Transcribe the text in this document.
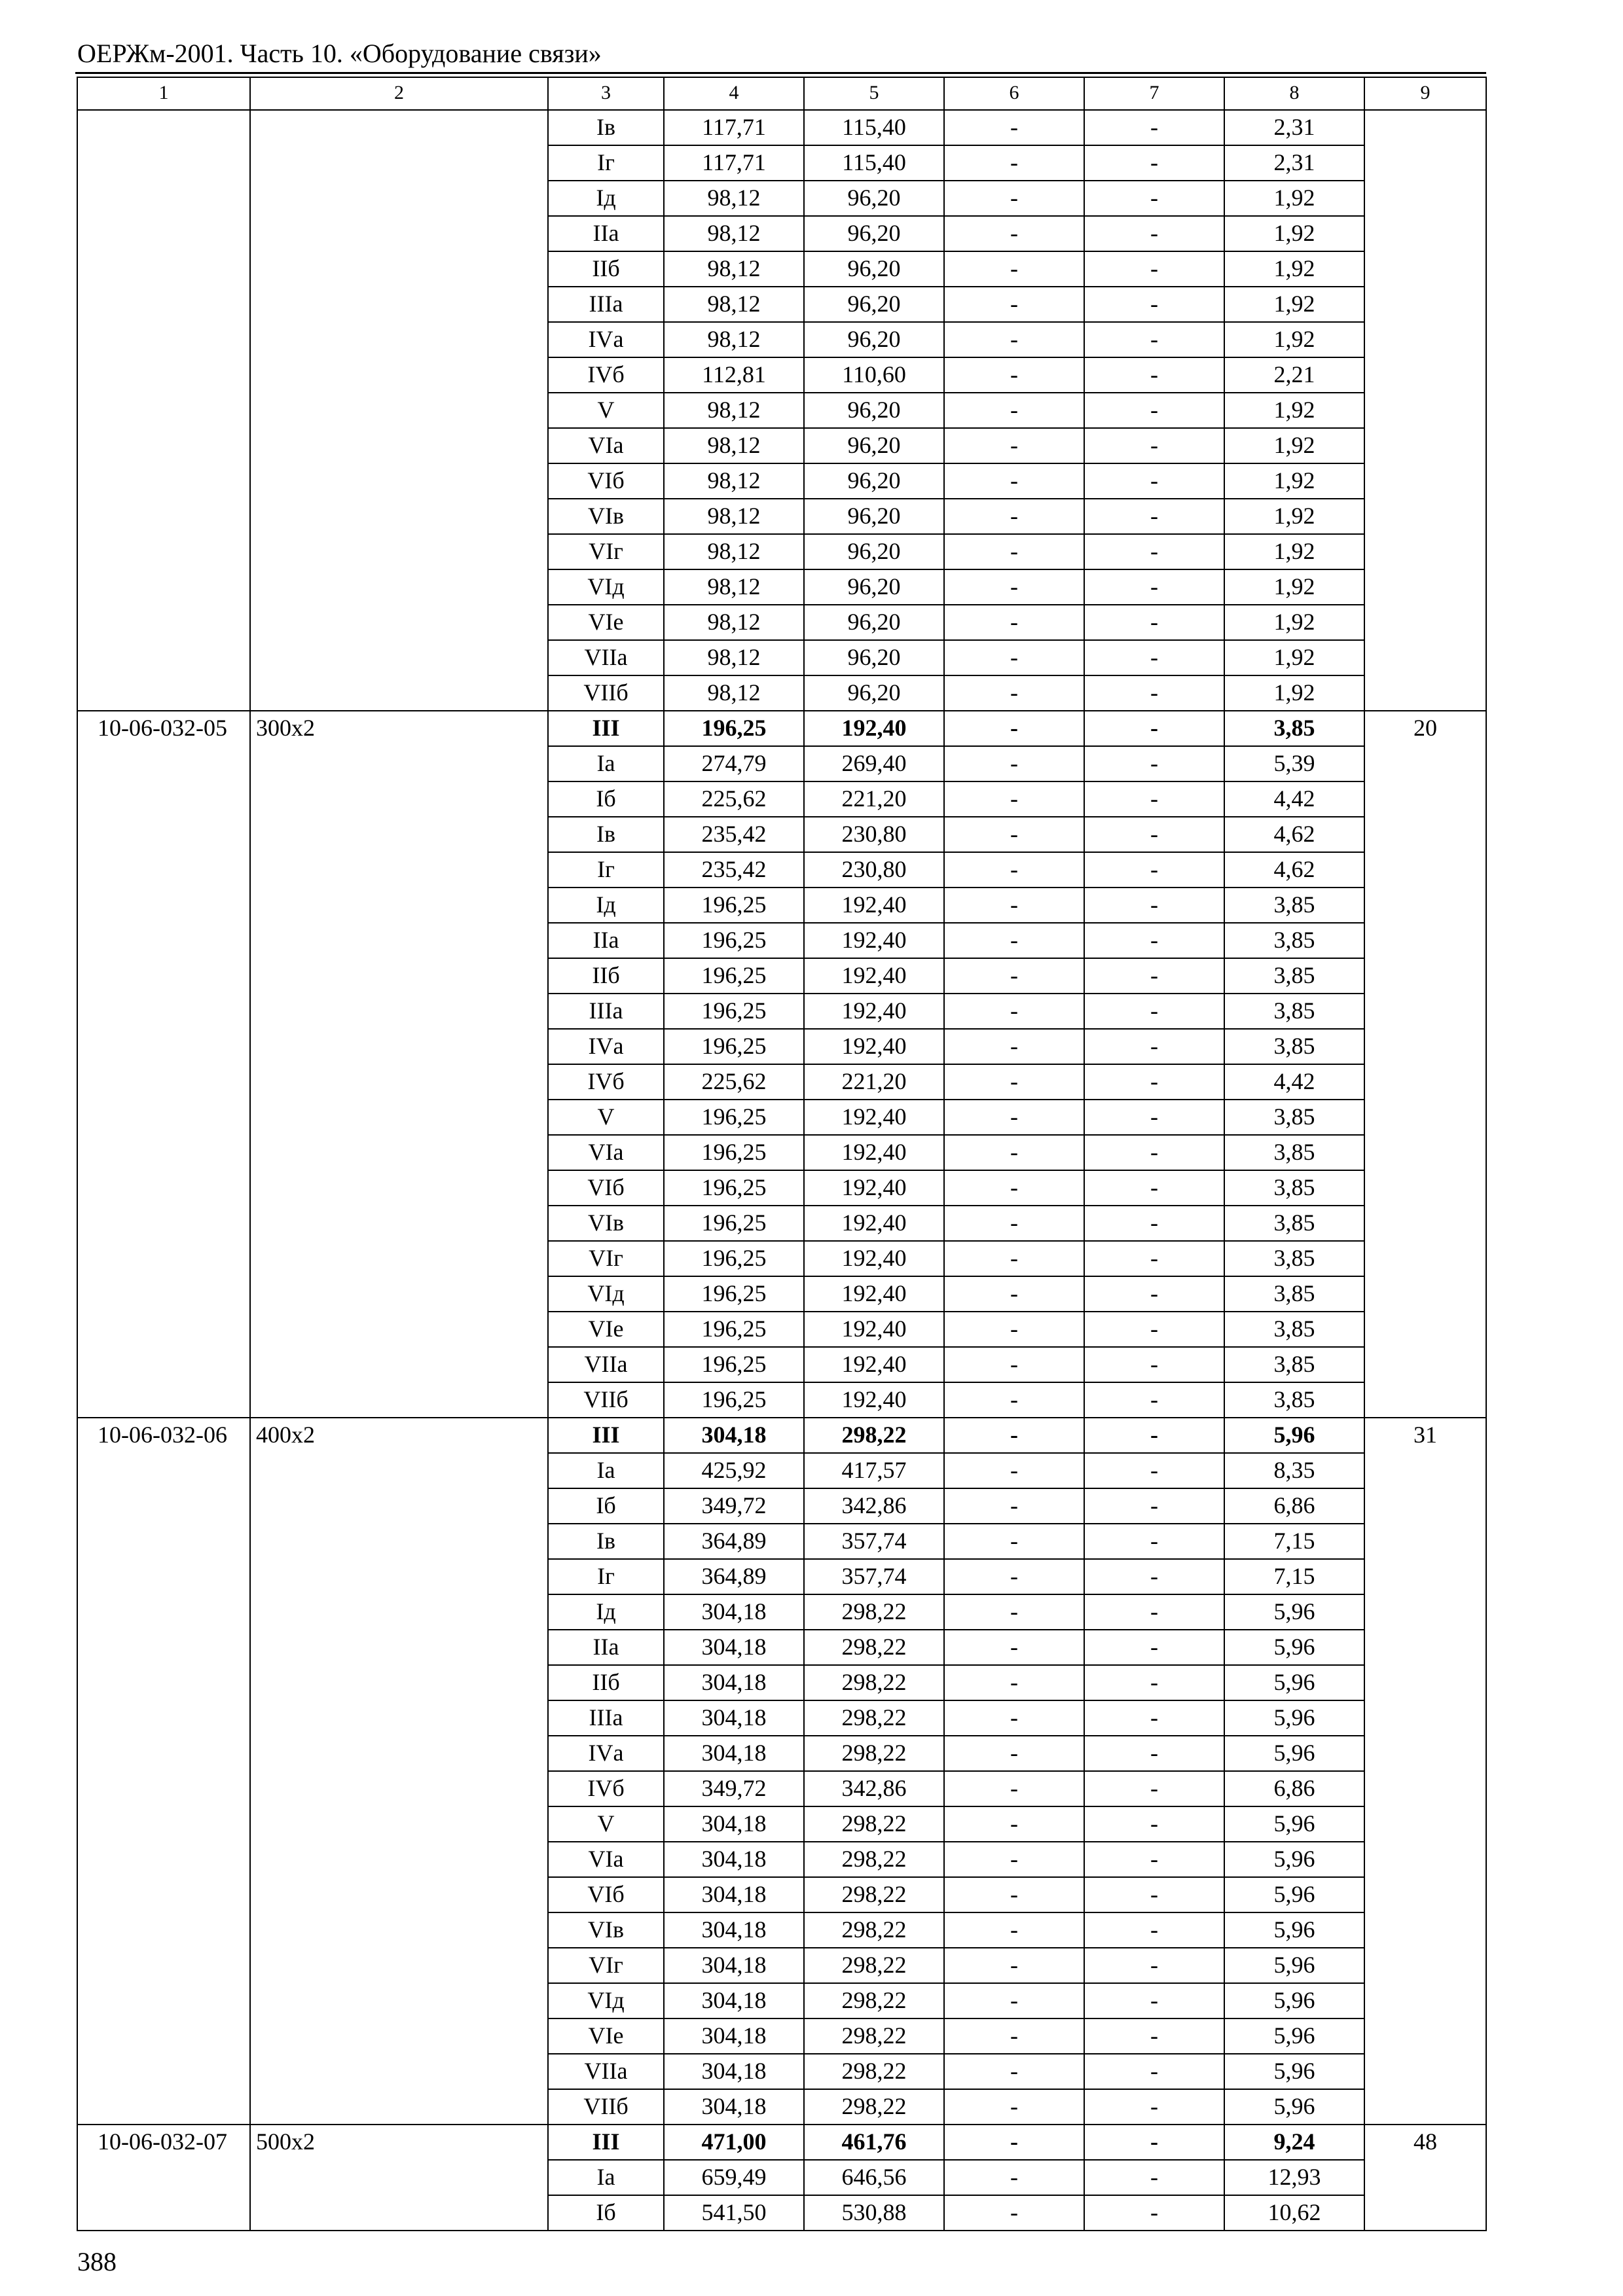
ОЕРЖм-2001. Часть 10. «Оборудование связи»
1	2	3	4	5	6	7	8	9
		Iв	117,71	115,40	-	-	2,31	
		Iг	117,71	115,40	-	-	2,31	
		Iд	98,12	96,20	-	-	1,92	
		IIа	98,12	96,20	-	-	1,92	
		IIб	98,12	96,20	-	-	1,92	
		IIIа	98,12	96,20	-	-	1,92	
		IVа	98,12	96,20	-	-	1,92	
		IVб	112,81	110,60	-	-	2,21	
		V	98,12	96,20	-	-	1,92	
		VIа	98,12	96,20	-	-	1,92	
		VIб	98,12	96,20	-	-	1,92	
		VIв	98,12	96,20	-	-	1,92	
		VIг	98,12	96,20	-	-	1,92	
		VIд	98,12	96,20	-	-	1,92	
		VIе	98,12	96,20	-	-	1,92	
		VIIа	98,12	96,20	-	-	1,92	
		VIIб	98,12	96,20	-	-	1,92	
10-06-032-05	300x2	III	196,25	192,40	-	-	3,85	20
		Iа	274,79	269,40	-	-	5,39	
		Iб	225,62	221,20	-	-	4,42	
		Iв	235,42	230,80	-	-	4,62	
		Iг	235,42	230,80	-	-	4,62	
		Iд	196,25	192,40	-	-	3,85	
		IIа	196,25	192,40	-	-	3,85	
		IIб	196,25	192,40	-	-	3,85	
		IIIа	196,25	192,40	-	-	3,85	
		IVа	196,25	192,40	-	-	3,85	
		IVб	225,62	221,20	-	-	4,42	
		V	196,25	192,40	-	-	3,85	
		VIа	196,25	192,40	-	-	3,85	
		VIб	196,25	192,40	-	-	3,85	
		VIв	196,25	192,40	-	-	3,85	
		VIг	196,25	192,40	-	-	3,85	
		VIд	196,25	192,40	-	-	3,85	
		VIе	196,25	192,40	-	-	3,85	
		VIIа	196,25	192,40	-	-	3,85	
		VIIб	196,25	192,40	-	-	3,85	
10-06-032-06	400x2	III	304,18	298,22	-	-	5,96	31
		Iа	425,92	417,57	-	-	8,35	
		Iб	349,72	342,86	-	-	6,86	
		Iв	364,89	357,74	-	-	7,15	
		Iг	364,89	357,74	-	-	7,15	
		Iд	304,18	298,22	-	-	5,96	
		IIа	304,18	298,22	-	-	5,96	
		IIб	304,18	298,22	-	-	5,96	
		IIIа	304,18	298,22	-	-	5,96	
		IVа	304,18	298,22	-	-	5,96	
		IVб	349,72	342,86	-	-	6,86	
		V	304,18	298,22	-	-	5,96	
		VIа	304,18	298,22	-	-	5,96	
		VIб	304,18	298,22	-	-	5,96	
		VIв	304,18	298,22	-	-	5,96	
		VIг	304,18	298,22	-	-	5,96	
		VIд	304,18	298,22	-	-	5,96	
		VIе	304,18	298,22	-	-	5,96	
		VIIа	304,18	298,22	-	-	5,96	
		VIIб	304,18	298,22	-	-	5,96	
10-06-032-07	500x2	III	471,00	461,76	-	-	9,24	48
		Iа	659,49	646,56	-	-	12,93	
		Iб	541,50	530,88	-	-	10,62	
388
